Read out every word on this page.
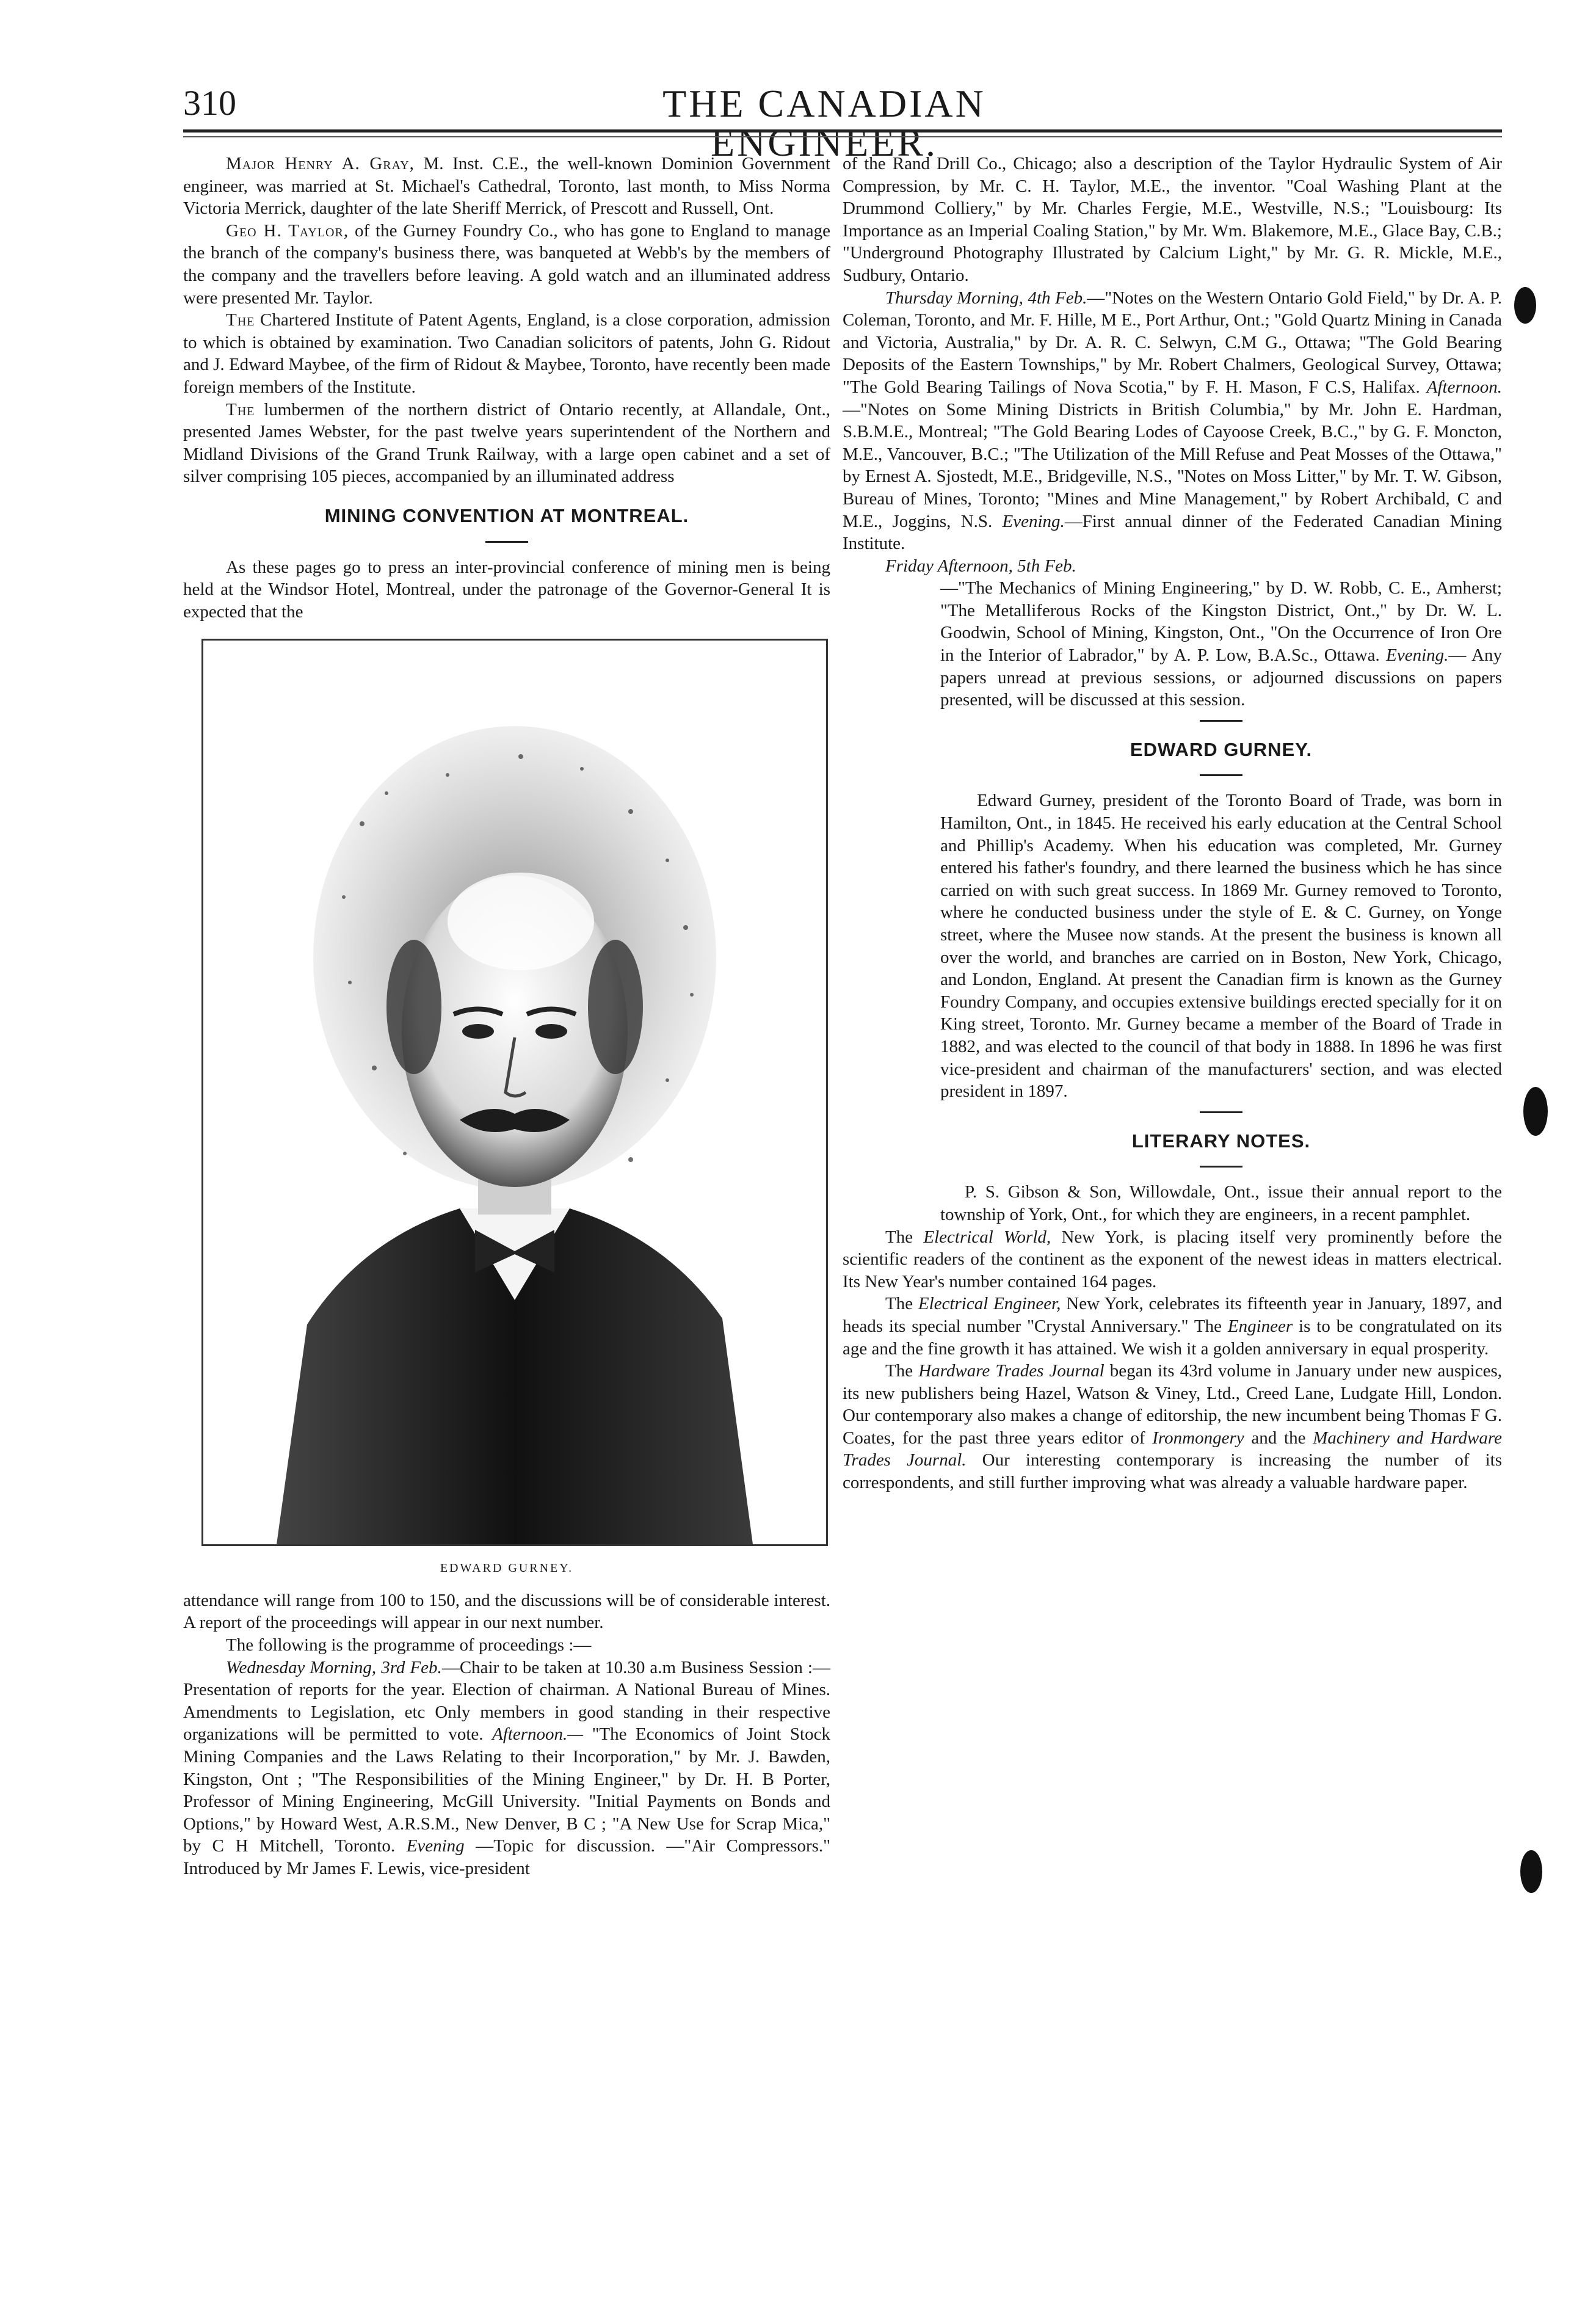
310	THE CANADIAN ENGINEER.

Major Henry A. Gray, M. Inst. C.E., the well-known Dominion Government engineer, was married at St. Michael's Cathedral, Toronto, last month, to Miss Norma Victoria Merrick, daughter of the late Sheriff Merrick, of Prescott and Russell, Ont.

Geo H. Taylor, of the Gurney Foundry Co., who has gone to England to manage the branch of the company's business there, was banqueted at Webb's by the members of the company and the travellers before leaving. A gold watch and an illuminated address were presented Mr. Taylor.

The Chartered Institute of Patent Agents, England, is a close corporation, admission to which is obtained by examination. Two Canadian solicitors of patents, John G. Ridout and J. Edward Maybee, of the firm of Ridout & Maybee, Toronto, have recently been made foreign members of the Institute.

The lumbermen of the northern district of Ontario recently, at Allandale, Ont., presented James Webster, for the past twelve years superintendent of the Northern and Midland Divisions of the Grand Trunk Railway, with a large open cabinet and a set of silver comprising 105 pieces, accompanied by an illuminated address

MINING CONVENTION AT MONTREAL.

As these pages go to press an inter-provincial conference of mining men is being held at the Windsor Hotel, Montreal, under the patronage of the Governor-General It is expected that the

EDWARD GURNEY.

attendance will range from 100 to 150, and the discussions will be of considerable interest. A report of the proceedings will appear in our next number.

The following is the programme of proceedings :—

Wednesday Morning, 3rd Feb.—Chair to be taken at 10.30 a.m Business Session :—Presentation of reports for the year. Election of chairman. A National Bureau of Mines. Amendments to Legislation, etc Only members in good standing in their respective organizations will be permitted to vote. Afternoon.— "The Economics of Joint Stock Mining Companies and the Laws Relating to their Incorporation," by Mr. J. Bawden, Kingston, Ont ; "The Responsibilities of the Mining Engineer," by Dr. H. B Porter, Professor of Mining Engineering, McGill University. "Initial Payments on Bonds and Options," by Howard West, A.R.S.M., New Denver, B C ; "A New Use for Scrap Mica," by C H Mitchell, Toronto. Evening —Topic for discussion. —"Air Compressors." Introduced by Mr James F. Lewis, vice-president

of the Rand Drill Co., Chicago; also a description of the Taylor Hydraulic System of Air Compression, by Mr. C. H. Taylor, M.E., the inventor. "Coal Washing Plant at the Drummond Colliery," by Mr. Charles Fergie, M.E., Westville, N.S.; "Louisbourg: Its Importance as an Imperial Coaling Station," by Mr. Wm. Blakemore, M.E., Glace Bay, C.B.; "Underground Photography Illustrated by Calcium Light," by Mr. G. R. Mickle, M.E., Sudbury, Ontario.

Thursday Morning, 4th Feb.—"Notes on the Western Ontario Gold Field," by Dr. A. P. Coleman, Toronto, and Mr. F. Hille, M E., Port Arthur, Ont.; "Gold Quartz Mining in Canada and Victoria, Australia," by Dr. A. R. C. Selwyn, C.M G., Ottawa; "The Gold Bearing Deposits of the Eastern Townships," by Mr. Robert Chalmers, Geological Survey, Ottawa; "The Gold Bearing Tailings of Nova Scotia," by F. H. Mason, F C.S, Halifax. Afternoon.—"Notes on Some Mining Districts in British Columbia," by Mr. John E. Hardman, S.B.M.E., Montreal; "The Gold Bearing Lodes of Cayoose Creek, B.C.," by G. F. Moncton, M.E., Vancouver, B.C.; "The Utilization of the Mill Refuse and Peat Mosses of the Ottawa," by Ernest A. Sjostedt, M.E., Bridgeville, N.S., "Notes on Moss Litter," by Mr. T. W. Gibson, Bureau of Mines, Toronto; "Mines and Mine Management," by Robert Archibald, C and M.E., Joggins, N.S. Evening.—First annual dinner of the Federated Canadian Mining Institute.

Friday Afternoon, 5th Feb.

—"The Mechanics of Mining Engineering," by D. W. Robb, C. E., Amherst; "The Metalliferous Rocks of the Kingston District, Ont.," by Dr. W. L. Goodwin, School of Mining, Kingston, Ont., "On the Occurrence of Iron Ore in the Interior of Labrador," by A. P. Low, B.A.Sc., Ottawa. Evening.— Any papers unread at previous sessions, or adjourned discussions on papers presented, will be discussed at this session.

EDWARD GURNEY.

Edward Gurney, president of the Toronto Board of Trade, was born in Hamilton, Ont., in 1845. He received his early education at the Central School and Phillip's Academy. When his education was completed, Mr. Gurney entered his father's foundry, and there learned the business which he has since carried on with such great success. In 1869 Mr. Gurney removed to Toronto, where he conducted business under the style of E. & C. Gurney, on Yonge street, where the Musee now stands. At the present the business is known all over the world, and branches are carried on in Boston, New York, Chicago, and London, England. At present the Canadian firm is known as the Gurney Foundry Company, and occupies extensive buildings erected specially for it on King street, Toronto. Mr. Gurney became a member of the Board of Trade in 1882, and was elected to the council of that body in 1888. In 1896 he was first vice-president and chairman of the manufacturers' section, and was elected president in 1897.

LITERARY NOTES.

P. S. Gibson & Son, Willowdale, Ont., issue their annual report to the township of York, Ont., for which they are engineers, in a recent pamphlet.

The Electrical World, New York, is placing itself very prominently before the scientific readers of the continent as the exponent of the newest ideas in matters electrical. Its New Year's number contained 164 pages.

The Electrical Engineer, New York, celebrates its fifteenth year in January, 1897, and heads its special number "Crystal Anniversary." The Engineer is to be congratulated on its age and the fine growth it has attained. We wish it a golden anniversary in equal prosperity.

The Hardware Trades Journal began its 43rd volume in January under new auspices, its new publishers being Hazel, Watson & Viney, Ltd., Creed Lane, Ludgate Hill, London. Our contemporary also makes a change of editorship, the new incumbent being Thomas F G. Coates, for the past three years editor of Ironmongery and the Machinery and Hardware Trades Journal. Our interesting contemporary is increasing the number of its correspondents, and still further improving what was already a valuable hardware paper.
